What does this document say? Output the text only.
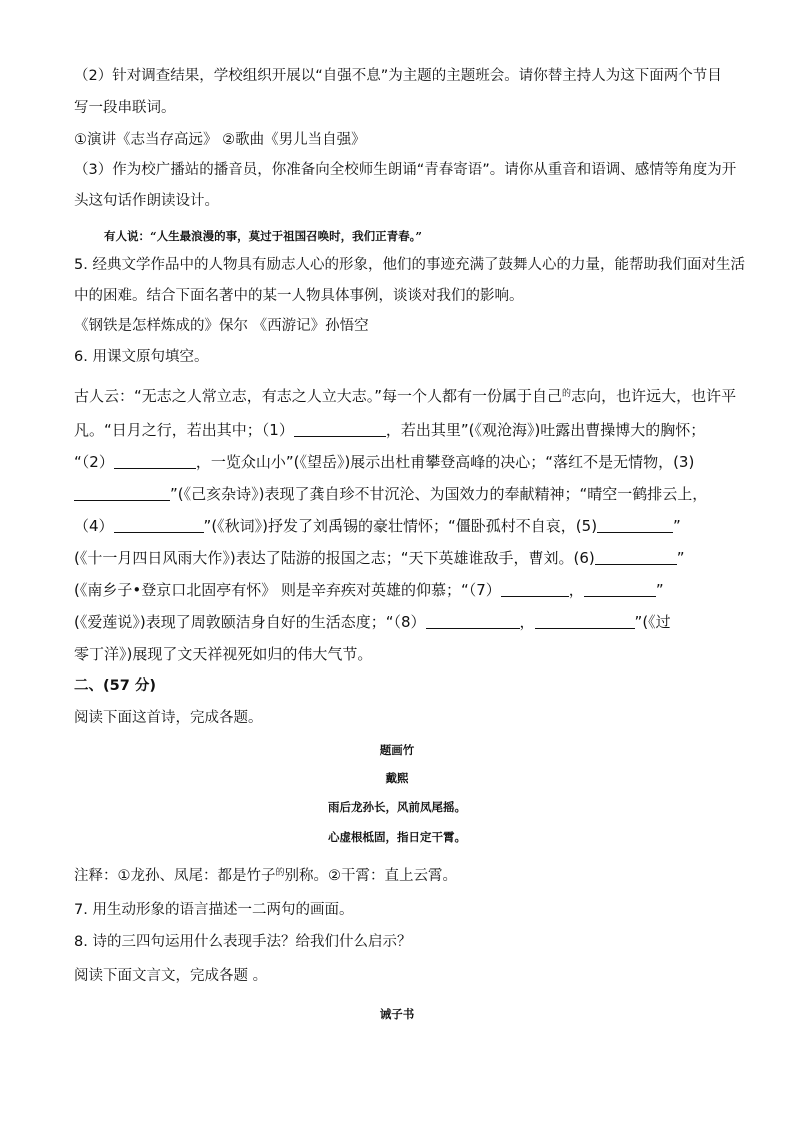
（2）针对调查结果，学校组织开展以“自强不息”为主题的主题班会。请你替主持人为这下面两个节目
写一段串联词。
①演讲《志当存高远》 ②歌曲《男儿当自强》
（3）作为校广播站的播音员，你准备向全校师生朗诵“青春寄语”。请你从重音和语调、感情等角度为开
头这句话作朗读设计。
有人说：“人生最浪漫的事，莫过于祖国召唤时，我们正青春。”
5. 经典文学作品中的人物具有励志人心的形象，他们的事迹充满了鼓舞人心的力量，能帮助我们面对生活
中的困难。结合下面名著中的某一人物具体事例，谈谈对我们的影响。
《钢铁是怎样炼成的》保尔 《西游记》孙悟空
6. 用课文原句填空。
古人云：“无志之人常立志，有志之人立大志。”每一个人都有一份属于自己$^的$志向，也许远大，也许平
凡。“日月之行，若出其中；（1）	，若出其里”(《观沧海》)吐露出曹操博大的胸怀；
“（2）	，一览众山小”(《望岳》)展示出杜甫攀登高峰的决心；“落红不是无情物，(3)
”(《己亥杂诗》)表现了龚自珍不甘沉沦、为国效力的奉献精神；“晴空一鹤排云上，
（4）	”(《秋词》)抒发了刘禹锡的豪壮情怀；“僵卧孤村不自哀，(5)	”
(《十一月四日风雨大作》)表达了陆游的报国之志；“天下英雄谁敌手，曹刘。(6)	”
(《南乡子•登京口北固亭有怀》 则是辛弃疾对英雄的仰慕；“（7）	，	”
(《爱莲说》)表现了周敦颐洁身自好的生活态度；“（8）	，	”(《过
零丁洋》)展现了文天祥视死如归的伟大气节。
二、(57 分)
阅读下面这首诗，完成各题。
题画竹
戴熙
雨后龙孙长，风前凤尾摇。
心虚根柢固，指日定干霄。
注释：①龙孙、凤尾：都是竹子$^的$别称。②干霄：直上云霄。
7. 用生动形象的语言描述一二两句的画面。
8. 诗的三四句运用什么表现手法？给我们什么启示？
阅读下面文言文，完成各题 。
诫子书
